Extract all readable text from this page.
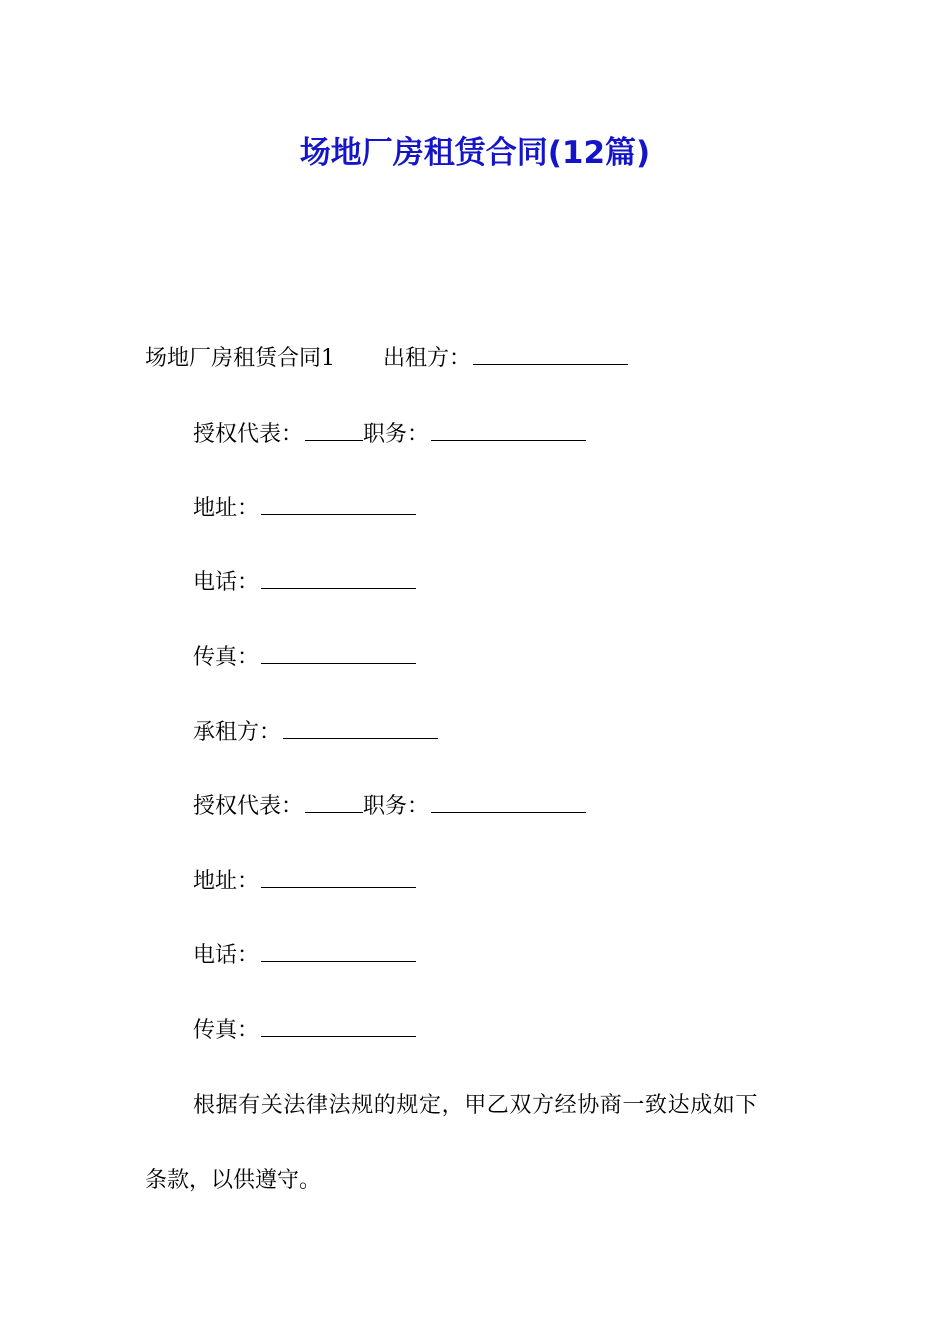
场地厂房租赁合同(12篇)
场地厂房租赁合同1 出租方：
授权代表：	职务：
地址：
电话：
传真：
承租方：
授权代表：	职务：
地址：
电话：
传真：
根据有关法律法规的规定，甲乙双方经协商一致达成如下
条款，以供遵守。
